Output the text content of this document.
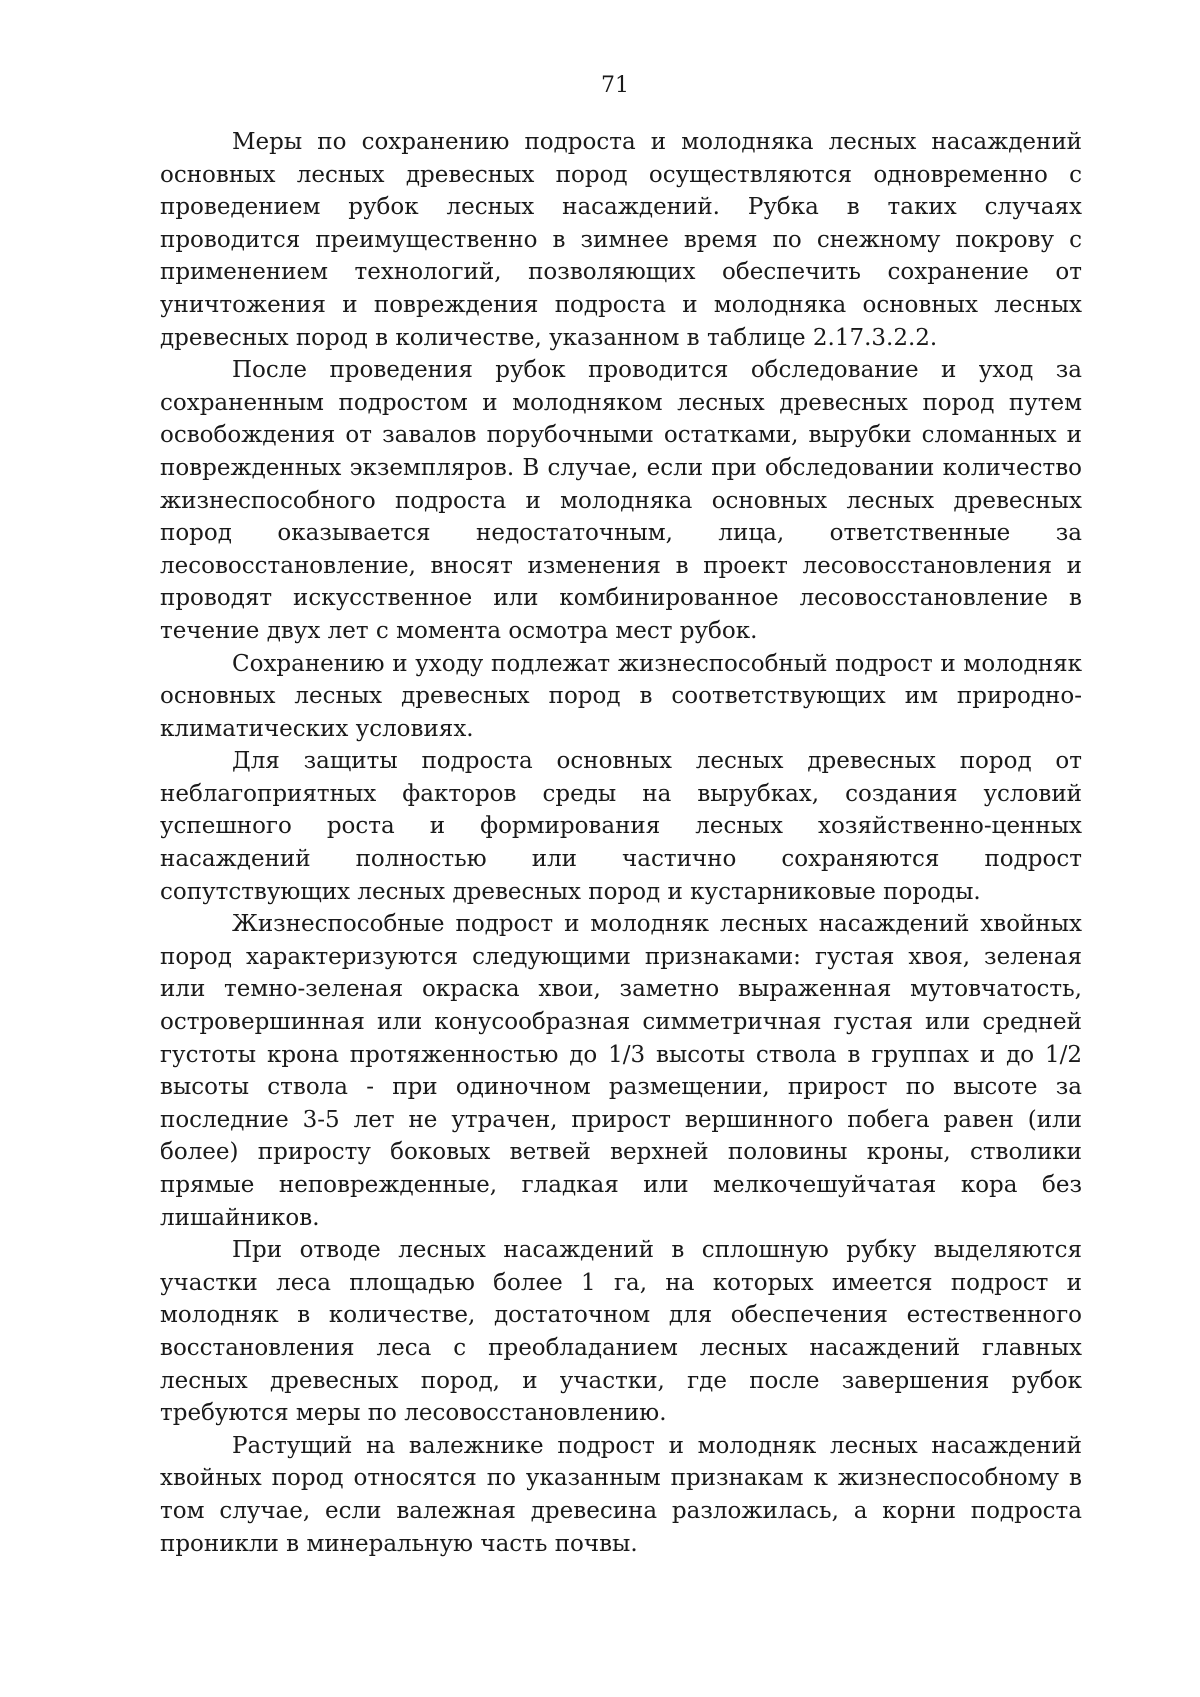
71

Меры по сохранению подроста и молодняка лесных насаждений основных лесных древесных пород осуществляются одновременно с проведением рубок лесных насаждений. Рубка в таких случаях проводится преимущественно в зимнее время по снежному покрову с применением технологий, позволяющих обеспечить сохранение от уничтожения и повреждения подроста и молодняка основных лесных древесных пород в количестве, указанном в таблице 2.17.3.2.2.

После проведения рубок проводится обследование и уход за сохраненным подростом и молодняком лесных древесных пород путем освобождения от завалов порубочными остатками, вырубки сломанных и поврежденных экземпляров. В случае, если при обследовании количество жизнеспособного подроста и молодняка основных лесных древесных пород оказывается недостаточным, лица, ответственные за лесовосстановление, вносят изменения в проект лесовосстановления и проводят искусственное или комбинированное лесовосстановление в течение двух лет с момента осмотра мест рубок.

Сохранению и уходу подлежат жизнеспособный подрост и молодняк основных лесных древесных пород в соответствующих им природно-климатических условиях.

Для защиты подроста основных лесных древесных пород от неблагоприятных факторов среды на вырубках, создания условий успешного роста и формирования лесных хозяйственно-ценных насаждений полностью или частично сохраняются подрост сопутствующих лесных древесных пород и кустарниковые породы.

Жизнеспособные подрост и молодняк лесных насаждений хвойных пород характеризуются следующими признаками: густая хвоя, зеленая или темно-зеленая окраска хвои, заметно выраженная мутовчатость, островершинная или конусообразная симметричная густая или средней густоты крона протяженностью до 1/3 высоты ствола в группах и до 1/2 высоты ствола - при одиночном размещении, прирост по высоте за последние 3-5 лет не утрачен, прирост вершинного побега равен (или более) приросту боковых ветвей верхней половины кроны, стволики прямые неповрежденные, гладкая или мелкочешуйчатая кора без лишайников.

При отводе лесных насаждений в сплошную рубку выделяются участки леса площадью более 1 га, на которых имеется подрост и молодняк в количестве, достаточном для обеспечения естественного восстановления леса с преобладанием лесных насаждений главных лесных древесных пород, и участки, где после завершения рубок требуются меры по лесовосстановлению.

Растущий на валежнике подрост и молодняк лесных насаждений хвойных пород относятся по указанным признакам к жизнеспособному в том случае, если валежная древесина разложилась, а корни подроста проникли в минеральную часть почвы.
